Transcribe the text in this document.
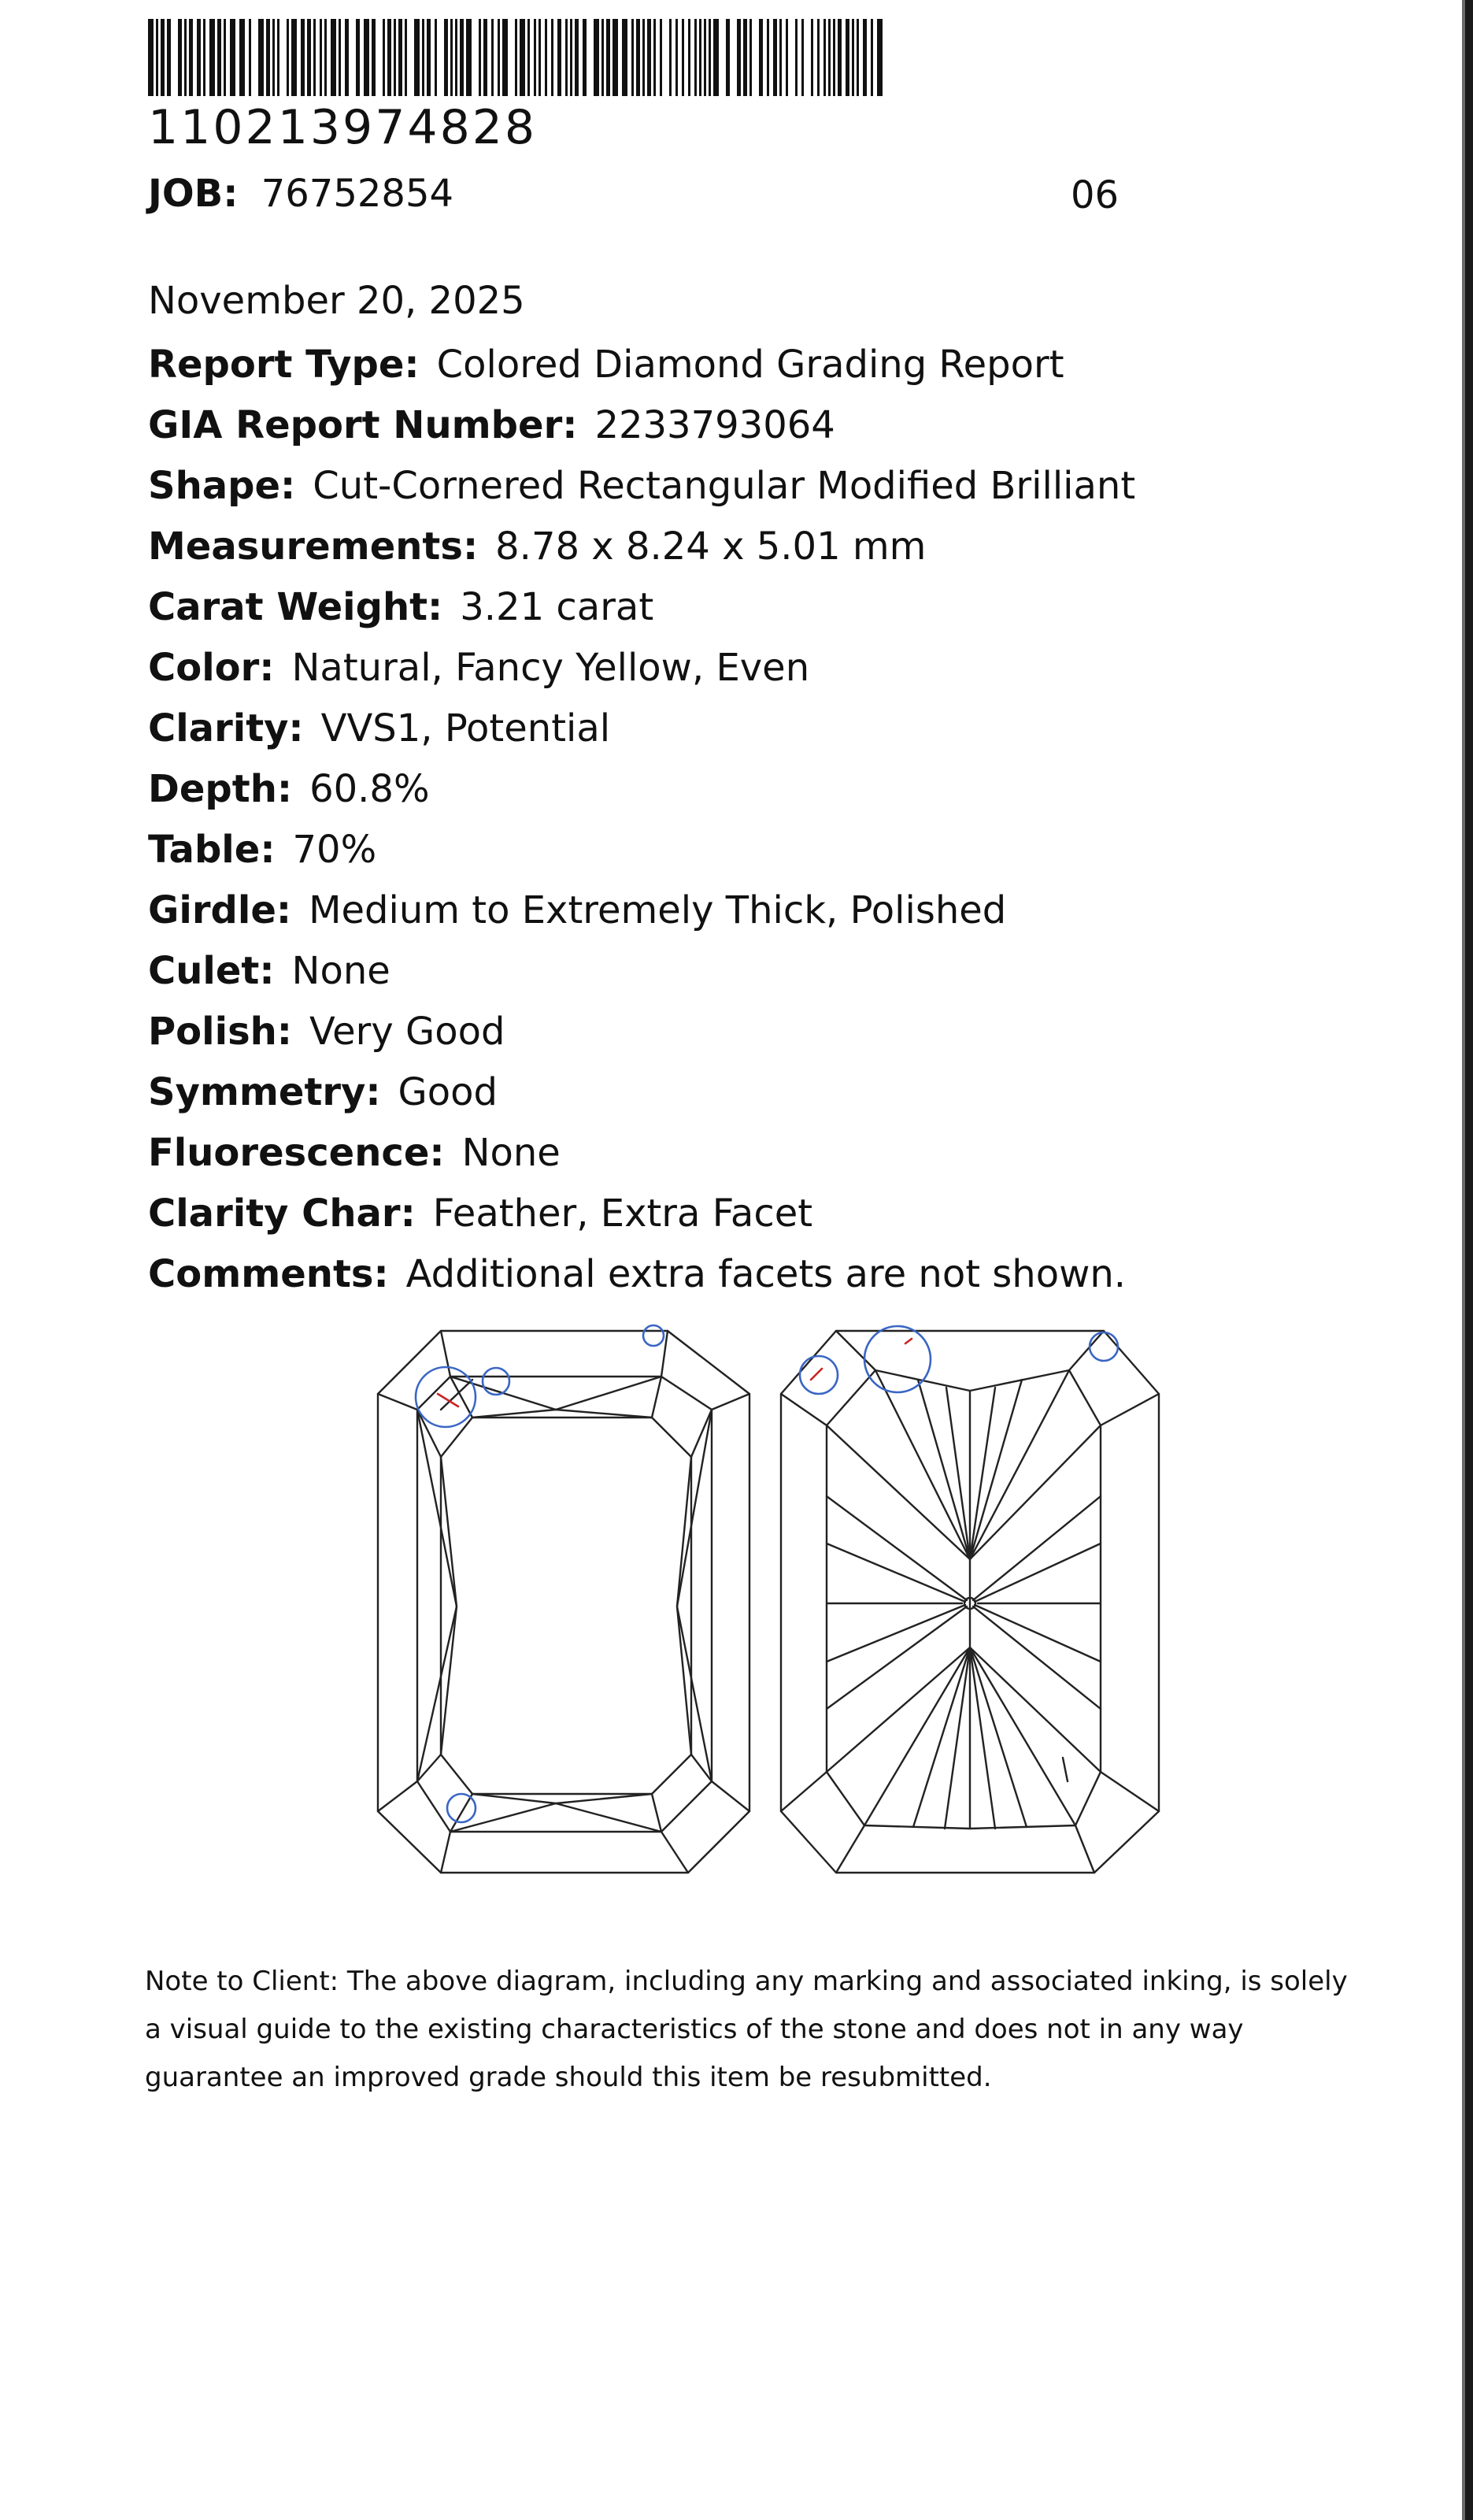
110213974828
JOB: 76752854	06
November 20, 2025
Report Type: Colored Diamond Grading Report
GIA Report Number: 2233793064
Shape: Cut-Cornered Rectangular Modified Brilliant
Measurements: 8.78 x 8.24 x 5.01 mm
Carat Weight: 3.21 carat
Color: Natural, Fancy Yellow, Even
Clarity: VVS1, Potential
Depth: 60.8%
Table: 70%
Girdle: Medium to Extremely Thick, Polished
Culet: None
Polish: Very Good
Symmetry: Good
Fluorescence: None
Clarity Char: Feather, Extra Facet
Comments: Additional extra facets are not shown.
Note to Client: The above diagram, including any marking and associated inking, is solely
a visual guide to the existing characteristics of the stone and does not in any way
guarantee an improved grade should this item be resubmitted.
